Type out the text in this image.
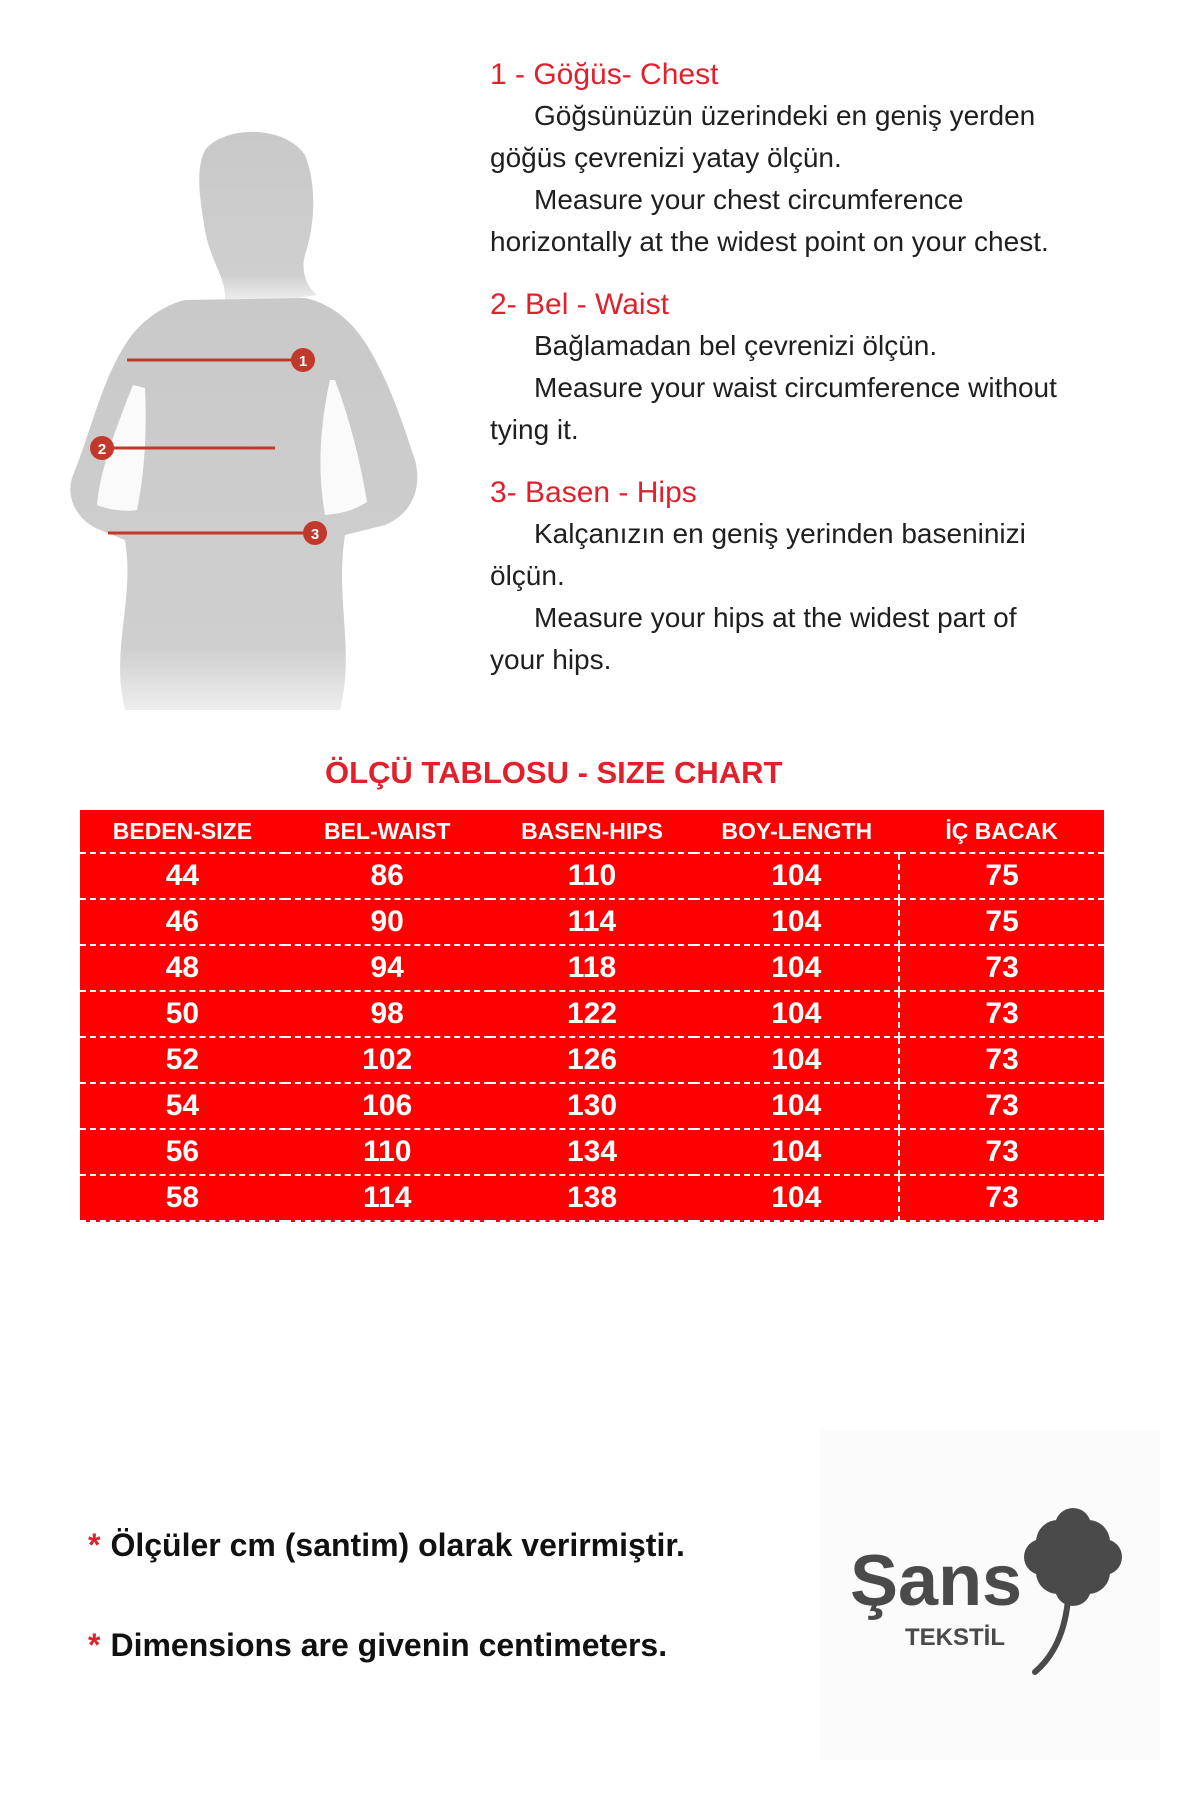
1
2
3
1 - Göğüs- Chest
Göğsünüzün üzerindeki en geniş yerden
göğüs çevrenizi yatay ölçün.
Measure your chest circumference
horizontally at the widest point on your chest.
2- Bel - Waist
Bağlamadan bel çevrenizi ölçün.
Measure your waist circumference without
tying it.
3- Basen - Hips
Kalçanızın en geniş yerinden baseninizi
ölçün.
Measure your hips at the widest part of
your hips.
ÖLÇÜ TABLOSU - SIZE CHART
BEDEN-SIZE	BEL-WAIST	BASEN-HIPS	BOY-LENGTH	İÇ BACAK
44	86	110	104	75
46	90	114	104	75
48	94	118	104	73
50	98	122	104	73
52	102	126	104	73
54	106	130	104	73
56	110	134	104	73
58	114	138	104	73
* Ölçüler cm (santim) olarak verirmiştir.
* Dimensions are givenin centimeters.
Şans
TEKSTİL
